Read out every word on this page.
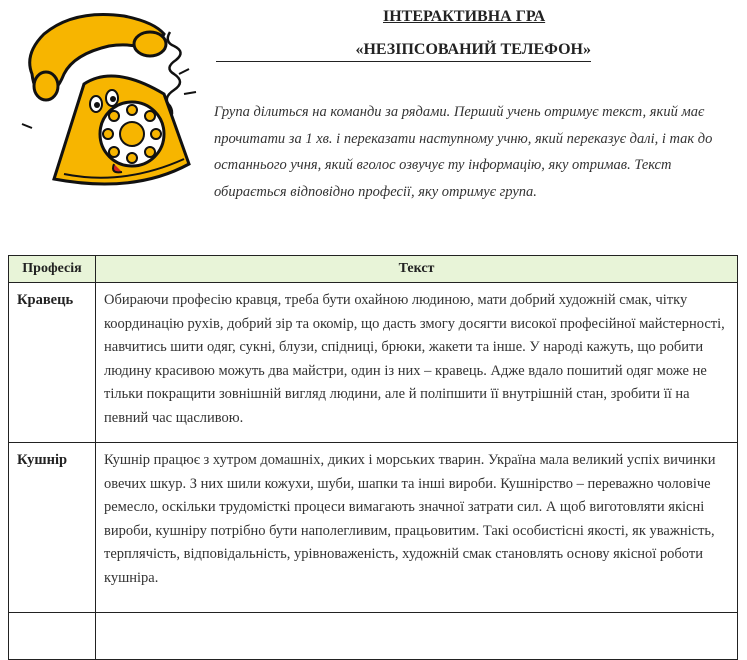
ІНТЕРАКТИВНА ГРА
«НЕЗІПСОВАНИЙ ТЕЛЕФОН»
Група ділиться на команди за рядами. Перший учень отримує текст, який має прочитати за 1 хв. і переказати наступному учню, який переказує далі, і так до останнього учня, який вголос озвучує ту інформацію, яку отримав. Текст обирається відповідно професії, яку отримує група.
Професія	Текст
Кравець	Обираючи професію кравця, треба бути охайною людиною, мати добрий художній смак, чітку координацію рухів, добрий зір та окомір, що дасть змогу досягти високої професійної майстерності, навчитись шити одяг, сукні, блузи, спідниці, брюки, жакети та інше. У народі кажуть, що робити людину красивою можуть два майстри, один із них – кравець. Адже вдало пошитий одяг може не тільки покращити зовнішній вигляд людини, але й поліпшити її внутрішній стан, зробити її на певний час щасливою.
Кушнір	Кушнір працює з хутром домашніх, диких і морських тварин. Україна мала великий успіх вичинки овечих шкур. З них шили кожухи, шуби, шапки та інші вироби. Кушнірство – переважно чоловіче ремесло, оскільки трудомісткі процеси вимагають значної затрати сил. А щоб виготовляти якісні вироби, кушніру потрібно бути наполегливим, працьовитим. Такі особистісні якості, як уважність, терплячість, відповідальність, урівноваженість, художній смак становлять основу якісної роботи кушніра.
